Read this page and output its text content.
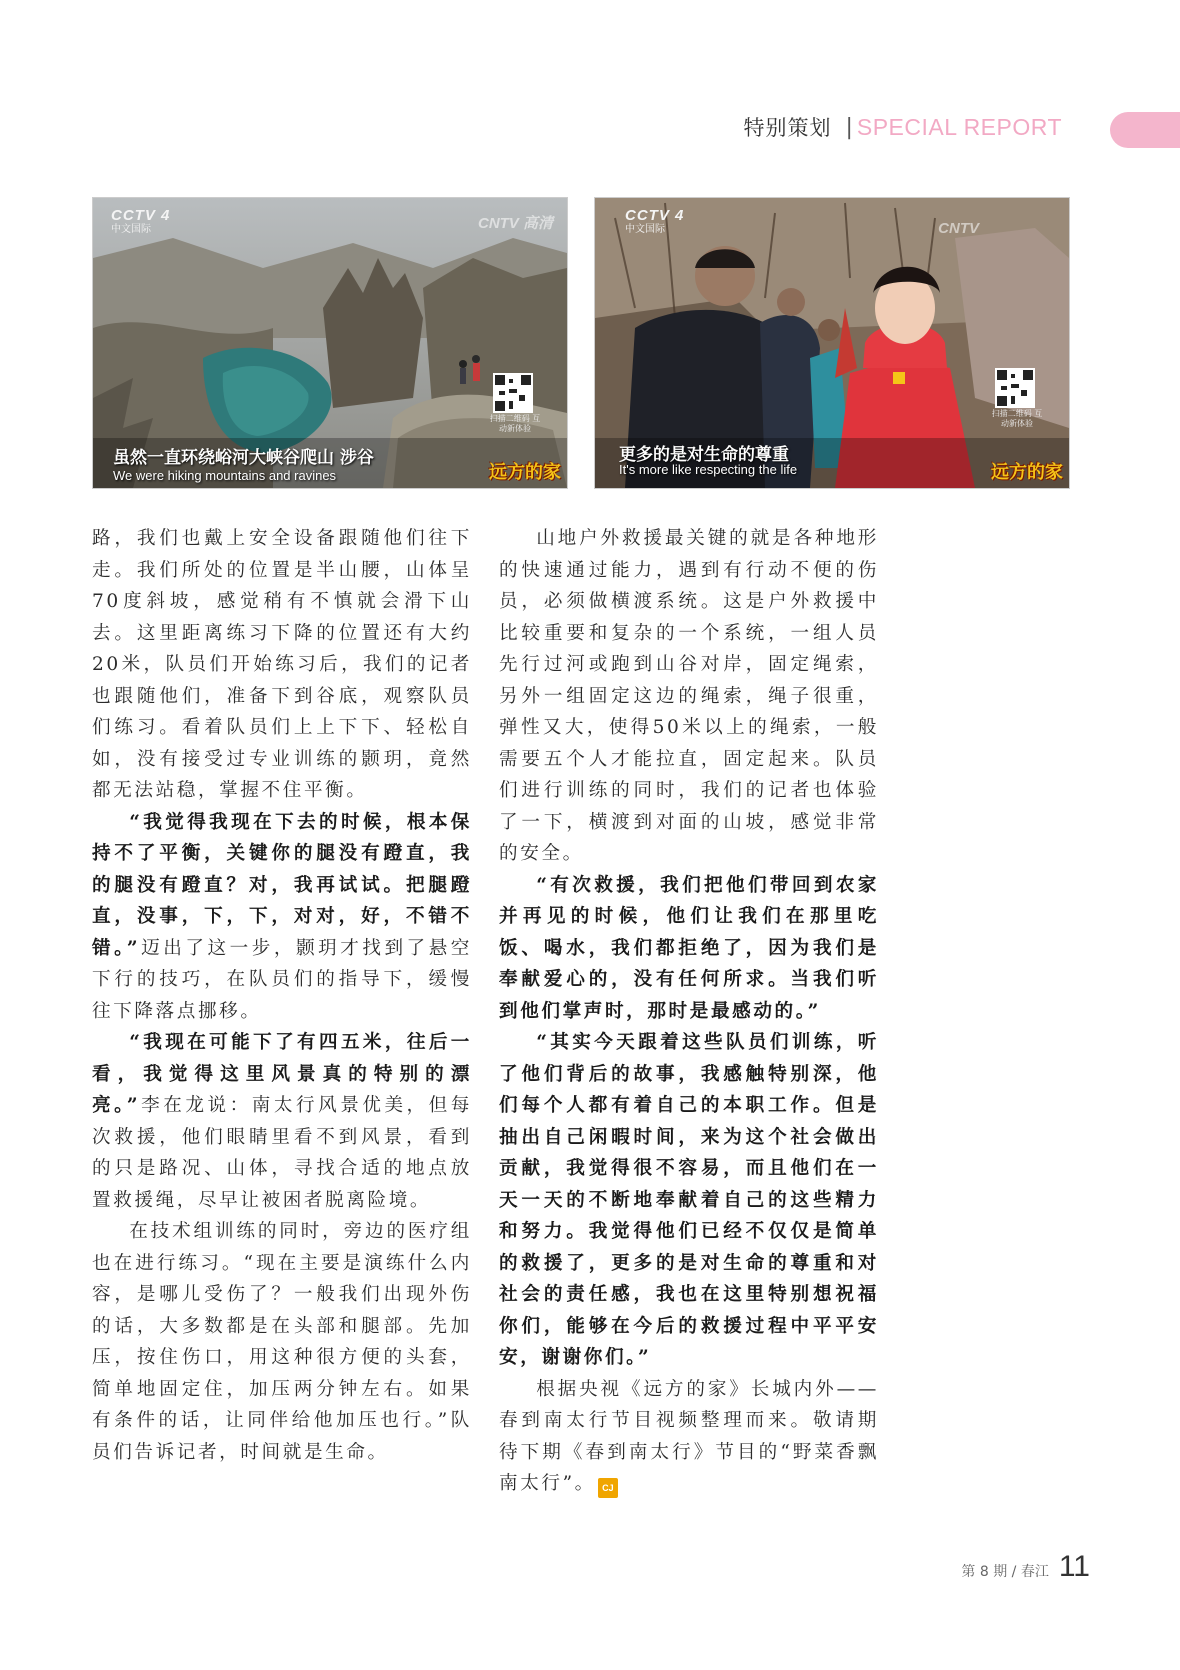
特别策划 | SPECIAL REPORT
CCTV 4
中文国际	CNTV 高清
扫描二维码 互动新体验
虽然一直环绕峪河大峡谷爬山 涉谷
We were hiking mountains and ravines	远方的家
CCTV 4
中文国际	CNTV
扫描二维码 互动新体验
更多的是对生命的尊重
It's more like respecting the life	远方的家

路，我们也戴上安全设备跟随他们往下走。我们所处的位置是半山腰，山体呈70度斜坡，感觉稍有不慎就会滑下山去。这里距离练习下降的位置还有大约20米，队员们开始练习后，我们的记者也跟随他们，准备下到谷底，观察队员们练习。看着队员们上上下下、轻松自如，没有接受过专业训练的颢玥，竟然都无法站稳，掌握不住平衡。

“我觉得我现在下去的时候，根本保持不了平衡，关键你的腿没有蹬直，我的腿没有蹬直？对，我再试试。把腿蹬直，没事，下，下，对对，好，不错不错。”迈出了这一步，颢玥才找到了悬空下行的技巧，在队员们的指导下，缓慢往下降落点挪移。

“我现在可能下了有四五米，往后一看，我觉得这里风景真的特别的漂亮。”李在龙说：南太行风景优美，但每次救援，他们眼睛里看不到风景，看到的只是路况、山体，寻找合适的地点放置救援绳，尽早让被困者脱离险境。

在技术组训练的同时，旁边的医疗组也在进行练习。“现在主要是演练什么内容，是哪儿受伤了？一般我们出现外伤的话，大多数都是在头部和腿部。先加压，按住伤口，用这种很方便的头套，简单地固定住，加压两分钟左右。如果有条件的话，让同伴给他加压也行。”队员们告诉记者，时间就是生命。

山地户外救援最关键的就是各种地形的快速通过能力，遇到有行动不便的伤员，必须做横渡系统。这是户外救援中比较重要和复杂的一个系统，一组人员先行过河或跑到山谷对岸，固定绳索，另外一组固定这边的绳索，绳子很重，弹性又大，使得50米以上的绳索，一般需要五个人才能拉直，固定起来。队员们进行训练的同时，我们的记者也体验了一下，横渡到对面的山坡，感觉非常的安全。

“有次救援，我们把他们带回到农家并再见的时候，他们让我们在那里吃饭、喝水，我们都拒绝了，因为我们是奉献爱心的，没有任何所求。当我们听到他们掌声时，那时是最感动的。”

“其实今天跟着这些队员们训练，听了他们背后的故事，我感触特别深，他们每个人都有着自己的本职工作。但是抽出自己闲暇时间，来为这个社会做出贡献，我觉得很不容易，而且他们在一天一天的不断地奉献着自己的这些精力和努力。我觉得他们已经不仅仅是简单的救援了，更多的是对生命的尊重和对社会的责任感，我也在这里特别想祝福你们，能够在今后的救援过程中平平安安，谢谢你们。”

根据央视《远方的家》长城内外——春到南太行节目视频整理而来。敬请期待下期《春到南太行》节目的“野菜香飘南太行”。 CJ

第 8 期 / 春江 11
